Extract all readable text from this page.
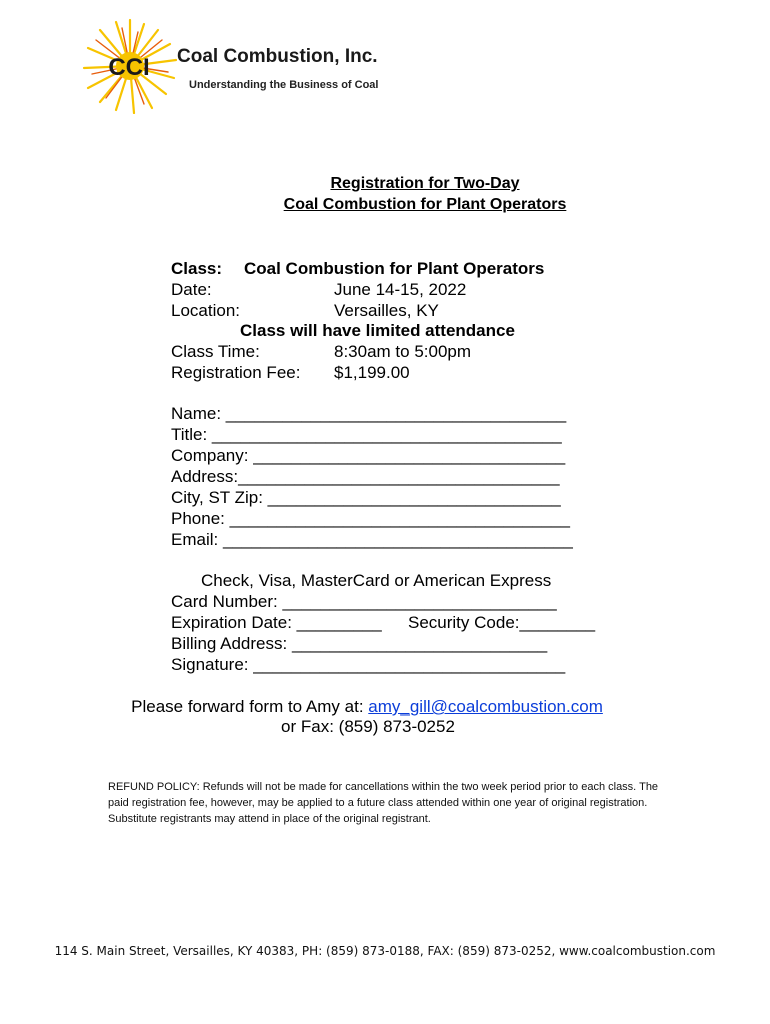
CCI Coal Combustion, Inc.
Understanding the Business of Coal
Registration for Two-Day
Coal Combustion for Plant Operators
Class: Coal Combustion for Plant Operators
Date:	June 14-15, 2022
Location:	Versailles, KY
Class will have limited attendance
Class Time:	8:30am to 5:00pm
Registration Fee: $1,199.00
Name: ____________________________________
Title: _____________________________________
Company: _________________________________
Address:__________________________________
City, ST Zip: _______________________________
Phone: ____________________________________
Email: _____________________________________
Check, Visa, MasterCard or American Express
Card Number: _____________________________
Expiration Date: _________ Security Code:________
Billing Address: ___________________________
Signature: _________________________________
Please forward form to Amy at: amy_gill@coalcombustion.com
or Fax: (859) 873-0252
REFUND POLICY: Refunds will not be made for cancellations within the two week period prior to each class. The paid registration fee, however, may be applied to a future class attended within one year of original registration. Substitute registrants may attend in place of the original registrant.
114 S. Main Street, Versailles, KY 40383, PH: (859) 873-0188, FAX: (859) 873-0252, www.coalcombustion.com
